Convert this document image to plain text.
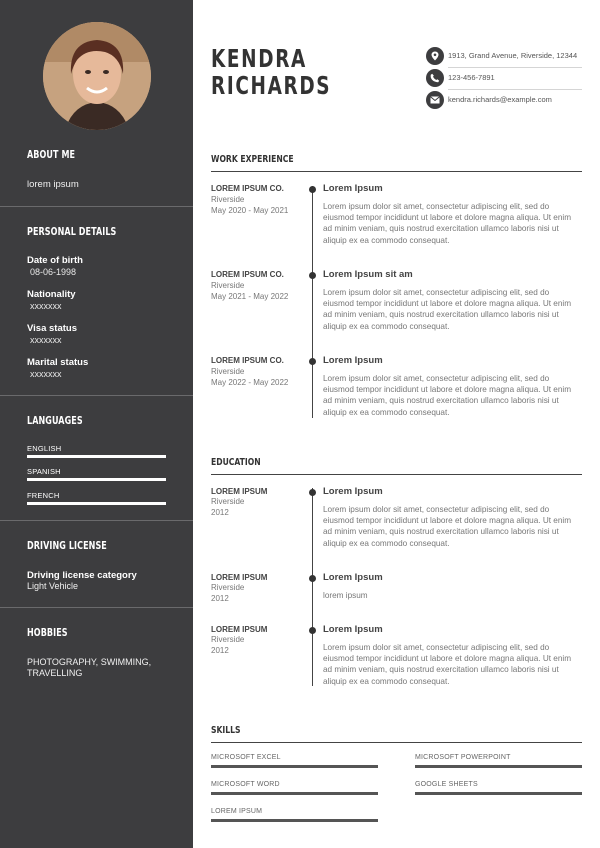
ABOUT ME
lorem ipsum
PERSONAL DETAILS
Date of birth
08-06-1998
Nationality
xxxxxxx
Visa status
xxxxxxx
Marital status
xxxxxxx
LANGUAGES
ENGLISH
SPANISH
FRENCH
DRIVING LICENSE
Driving license category
Light Vehicle
HOBBIES
PHOTOGRAPHY, SWIMMING,
TRAVELLING
KENDRA
RICHARDS
1913, Grand Avenue, Riverside, 12344
123-456-7891
kendra.richards@example.com
WORK EXPERIENCE
LOREM IPSUM CO.
Riverside
May 2020 - May 2021
Lorem Ipsum
Lorem ipsum dolor sit amet, consectetur adipiscing elit, sed do eiusmod tempor incididunt ut labore et dolore magna aliqua. Ut enim ad minim veniam, quis nostrud exercitation ullamco laboris nisi ut aliquip ex ea commodo consequat.
LOREM IPSUM CO.
Riverside
May 2021 - May 2022
Lorem Ipsum sit am
Lorem ipsum dolor sit amet, consectetur adipiscing elit, sed do eiusmod tempor incididunt ut labore et dolore magna aliqua. Ut enim ad minim veniam, quis nostrud exercitation ullamco laboris nisi ut aliquip ex ea commodo consequat.
LOREM IPSUM CO.
Riverside
May 2022 - May 2022
Lorem Ipsum
Lorem ipsum dolor sit amet, consectetur adipiscing elit, sed do eiusmod tempor incididunt ut labore et dolore magna aliqua. Ut enim ad minim veniam, quis nostrud exercitation ullamco laboris nisi ut aliquip ex ea commodo consequat.
EDUCATION
LOREM IPSUM
Riverside
2012
Lorem Ipsum
Lorem ipsum dolor sit amet, consectetur adipiscing elit, sed do eiusmod tempor incididunt ut labore et dolore magna aliqua. Ut enim ad minim veniam, quis nostrud exercitation ullamco laboris nisi ut aliquip ex ea commodo consequat.
LOREM IPSUM
Riverside
2012
Lorem Ipsum
lorem ipsum
LOREM IPSUM
Riverside
2012
Lorem Ipsum
Lorem ipsum dolor sit amet, consectetur adipiscing elit, sed do eiusmod tempor incididunt ut labore et dolore magna aliqua. Ut enim ad minim veniam, quis nostrud exercitation ullamco laboris nisi ut aliquip ex ea commodo consequat.
SKILLS
MICROSOFT EXCEL	MICROSOFT POWERPOINT
MICROSOFT WORD	GOOGLE SHEETS
LOREM IPSUM
